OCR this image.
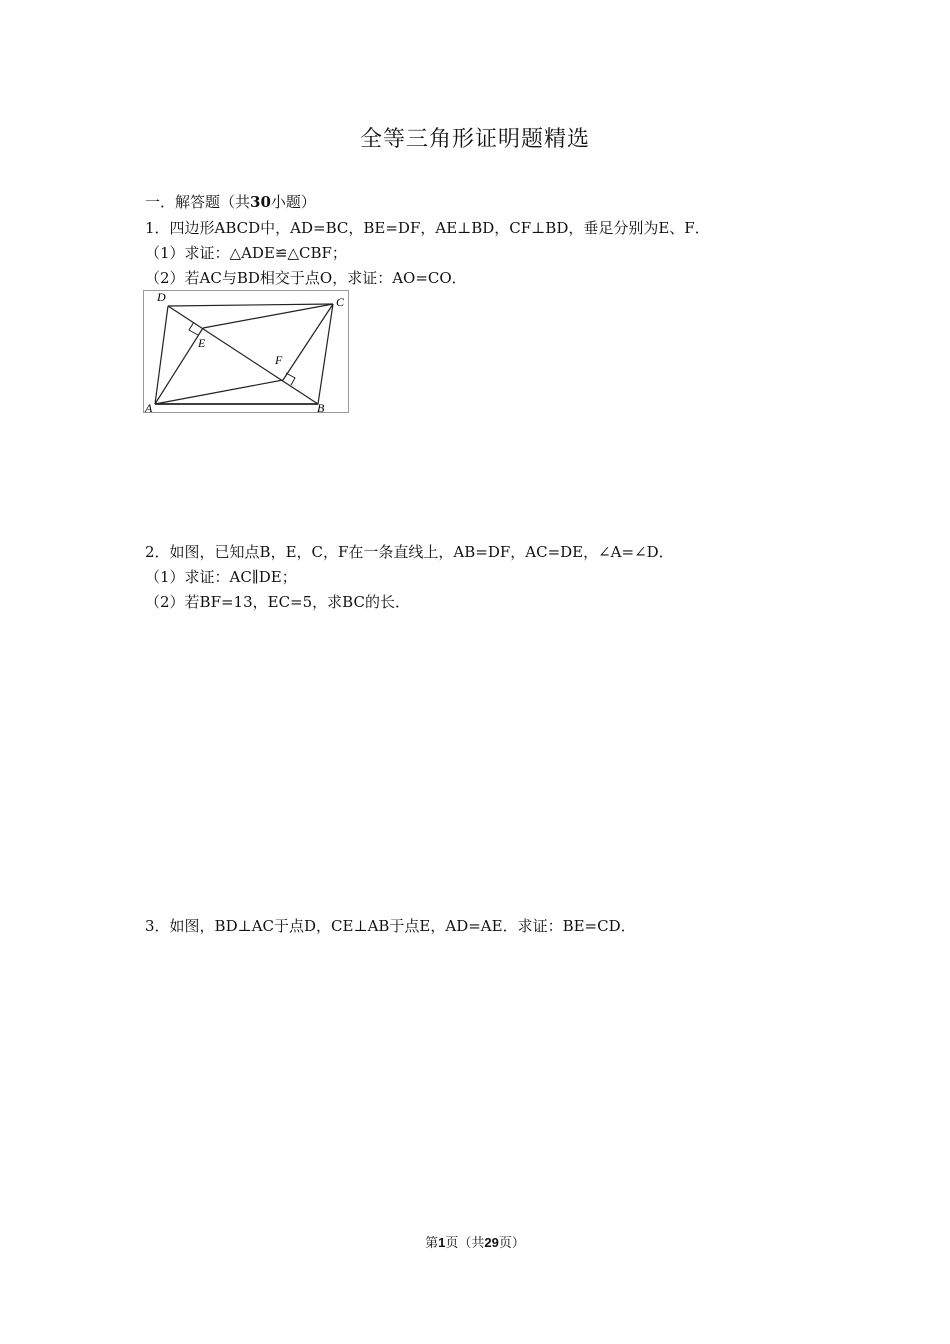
全等三角形证明题精选
一．解答题（共30小题）
1．四边形ABCD中，AD=BC，BE=DF，AE⊥BD，CF⊥BD，垂足分别为E、F．
（1）求证：△ADE≌△CBF；
（2）若AC与BD相交于点O，求证：AO=CO．
D	C
E
F
A	B
2．如图，已知点B，E，C，F在一条直线上，AB=DF，AC=DE，∠A=∠D．
（1）求证：AC∥DE；
（2）若BF=13，EC=5，求BC的长．
3．如图，BD⊥AC于点D，CE⊥AB于点E，AD=AE．求证：BE=CD．
第1页（共29页）
